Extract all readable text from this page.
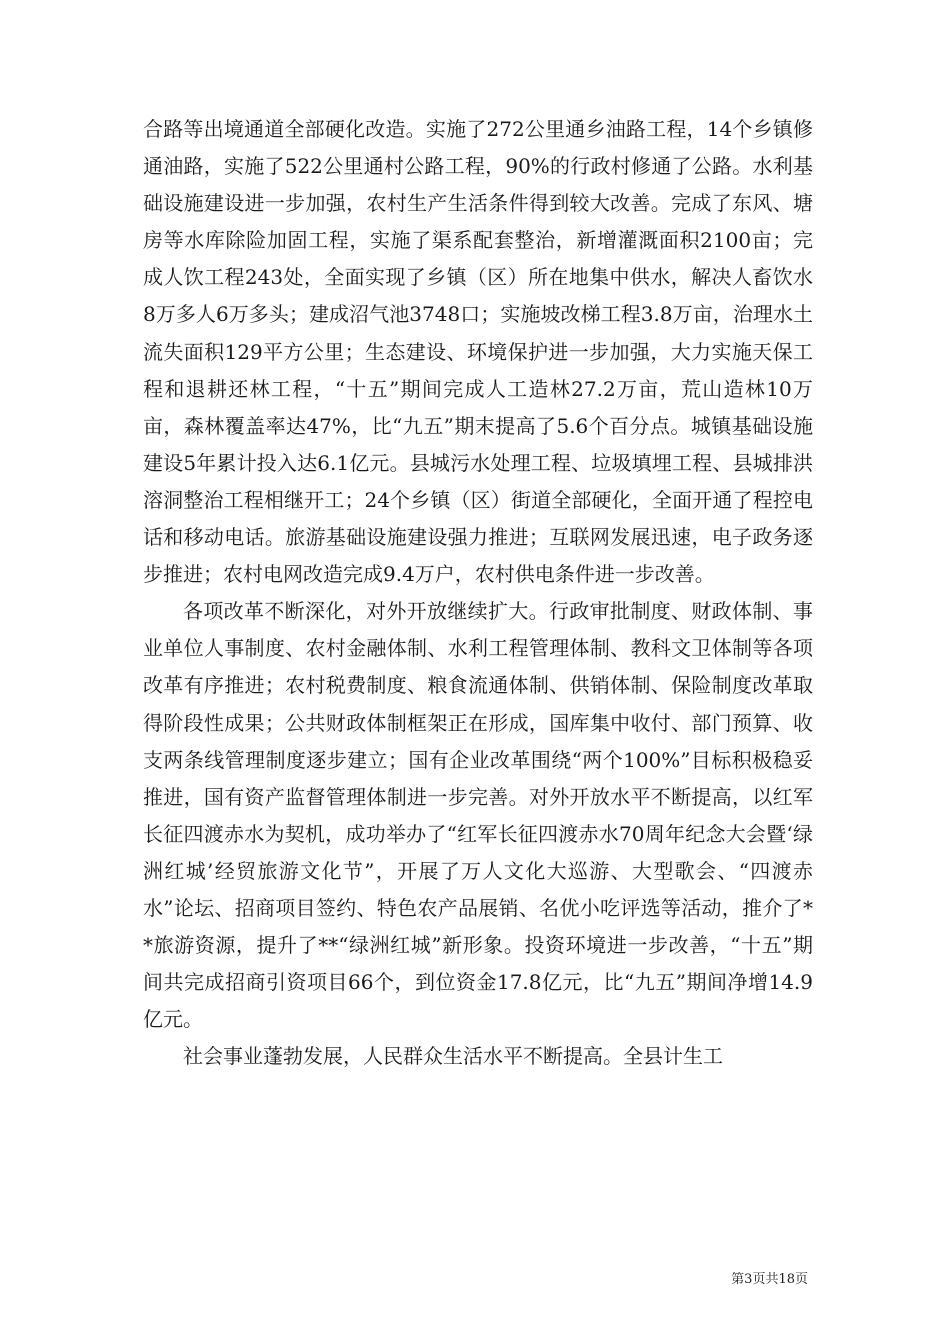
合路等出境通道全部硬化改造。实施了272公里通乡油路工程，14个乡镇修通油路，实施了522公里通村公路工程，90%的行政村修通了公路。水利基础设施建设进一步加强，农村生产生活条件得到较大改善。完成了东风、塘房等水库除险加固工程，实施了渠系配套整治，新增灌溉面积2100亩；完成人饮工程243处，全面实现了乡镇（区）所在地集中供水，解决人畜饮水8万多人6万多头；建成沼气池3748口；实施坡改梯工程3.8万亩，治理水土流失面积129平方公里；生态建设、环境保护进一步加强，大力实施天保工程和退耕还林工程，“十五”期间完成人工造林27.2万亩，荒山造林10万亩，森林覆盖率达47%，比“九五”期末提高了5.6个百分点。城镇基础设施建设5年累计投入达6.1亿元。县城污水处理工程、垃圾填埋工程、县城排洪溶洞整治工程相继开工；24个乡镇（区）街道全部硬化，全面开通了程控电话和移动电话。旅游基础设施建设强力推进；互联网发展迅速，电子政务逐步推进；农村电网改造完成9.4万户，农村供电条件进一步改善。

各项改革不断深化，对外开放继续扩大。行政审批制度、财政体制、事业单位人事制度、农村金融体制、水利工程管理体制、教科文卫体制等各项改革有序推进；农村税费制度、粮食流通体制、供销体制、保险制度改革取得阶段性成果；公共财政体制框架正在形成，国库集中收付、部门预算、收支两条线管理制度逐步建立；国有企业改革围绕“两个100%”目标积极稳妥推进，国有资产监督管理体制进一步完善。对外开放水平不断提高，以红军长征四渡赤水为契机，成功举办了“红军长征四渡赤水70周年纪念大会暨‘绿洲红城’经贸旅游文化节”，开展了万人文化大巡游、大型歌会、“四渡赤水”论坛、招商项目签约、特色农产品展销、名优小吃评选等活动，推介了**旅游资源，提升了**“绿洲红城”新形象。投资环境进一步改善，“十五”期间共完成招商引资项目66个，到位资金17.8亿元，比“九五”期间净增14.9亿元。

社会事业蓬勃发展，人民群众生活水平不断提高。全县计生工

第3页共18页
